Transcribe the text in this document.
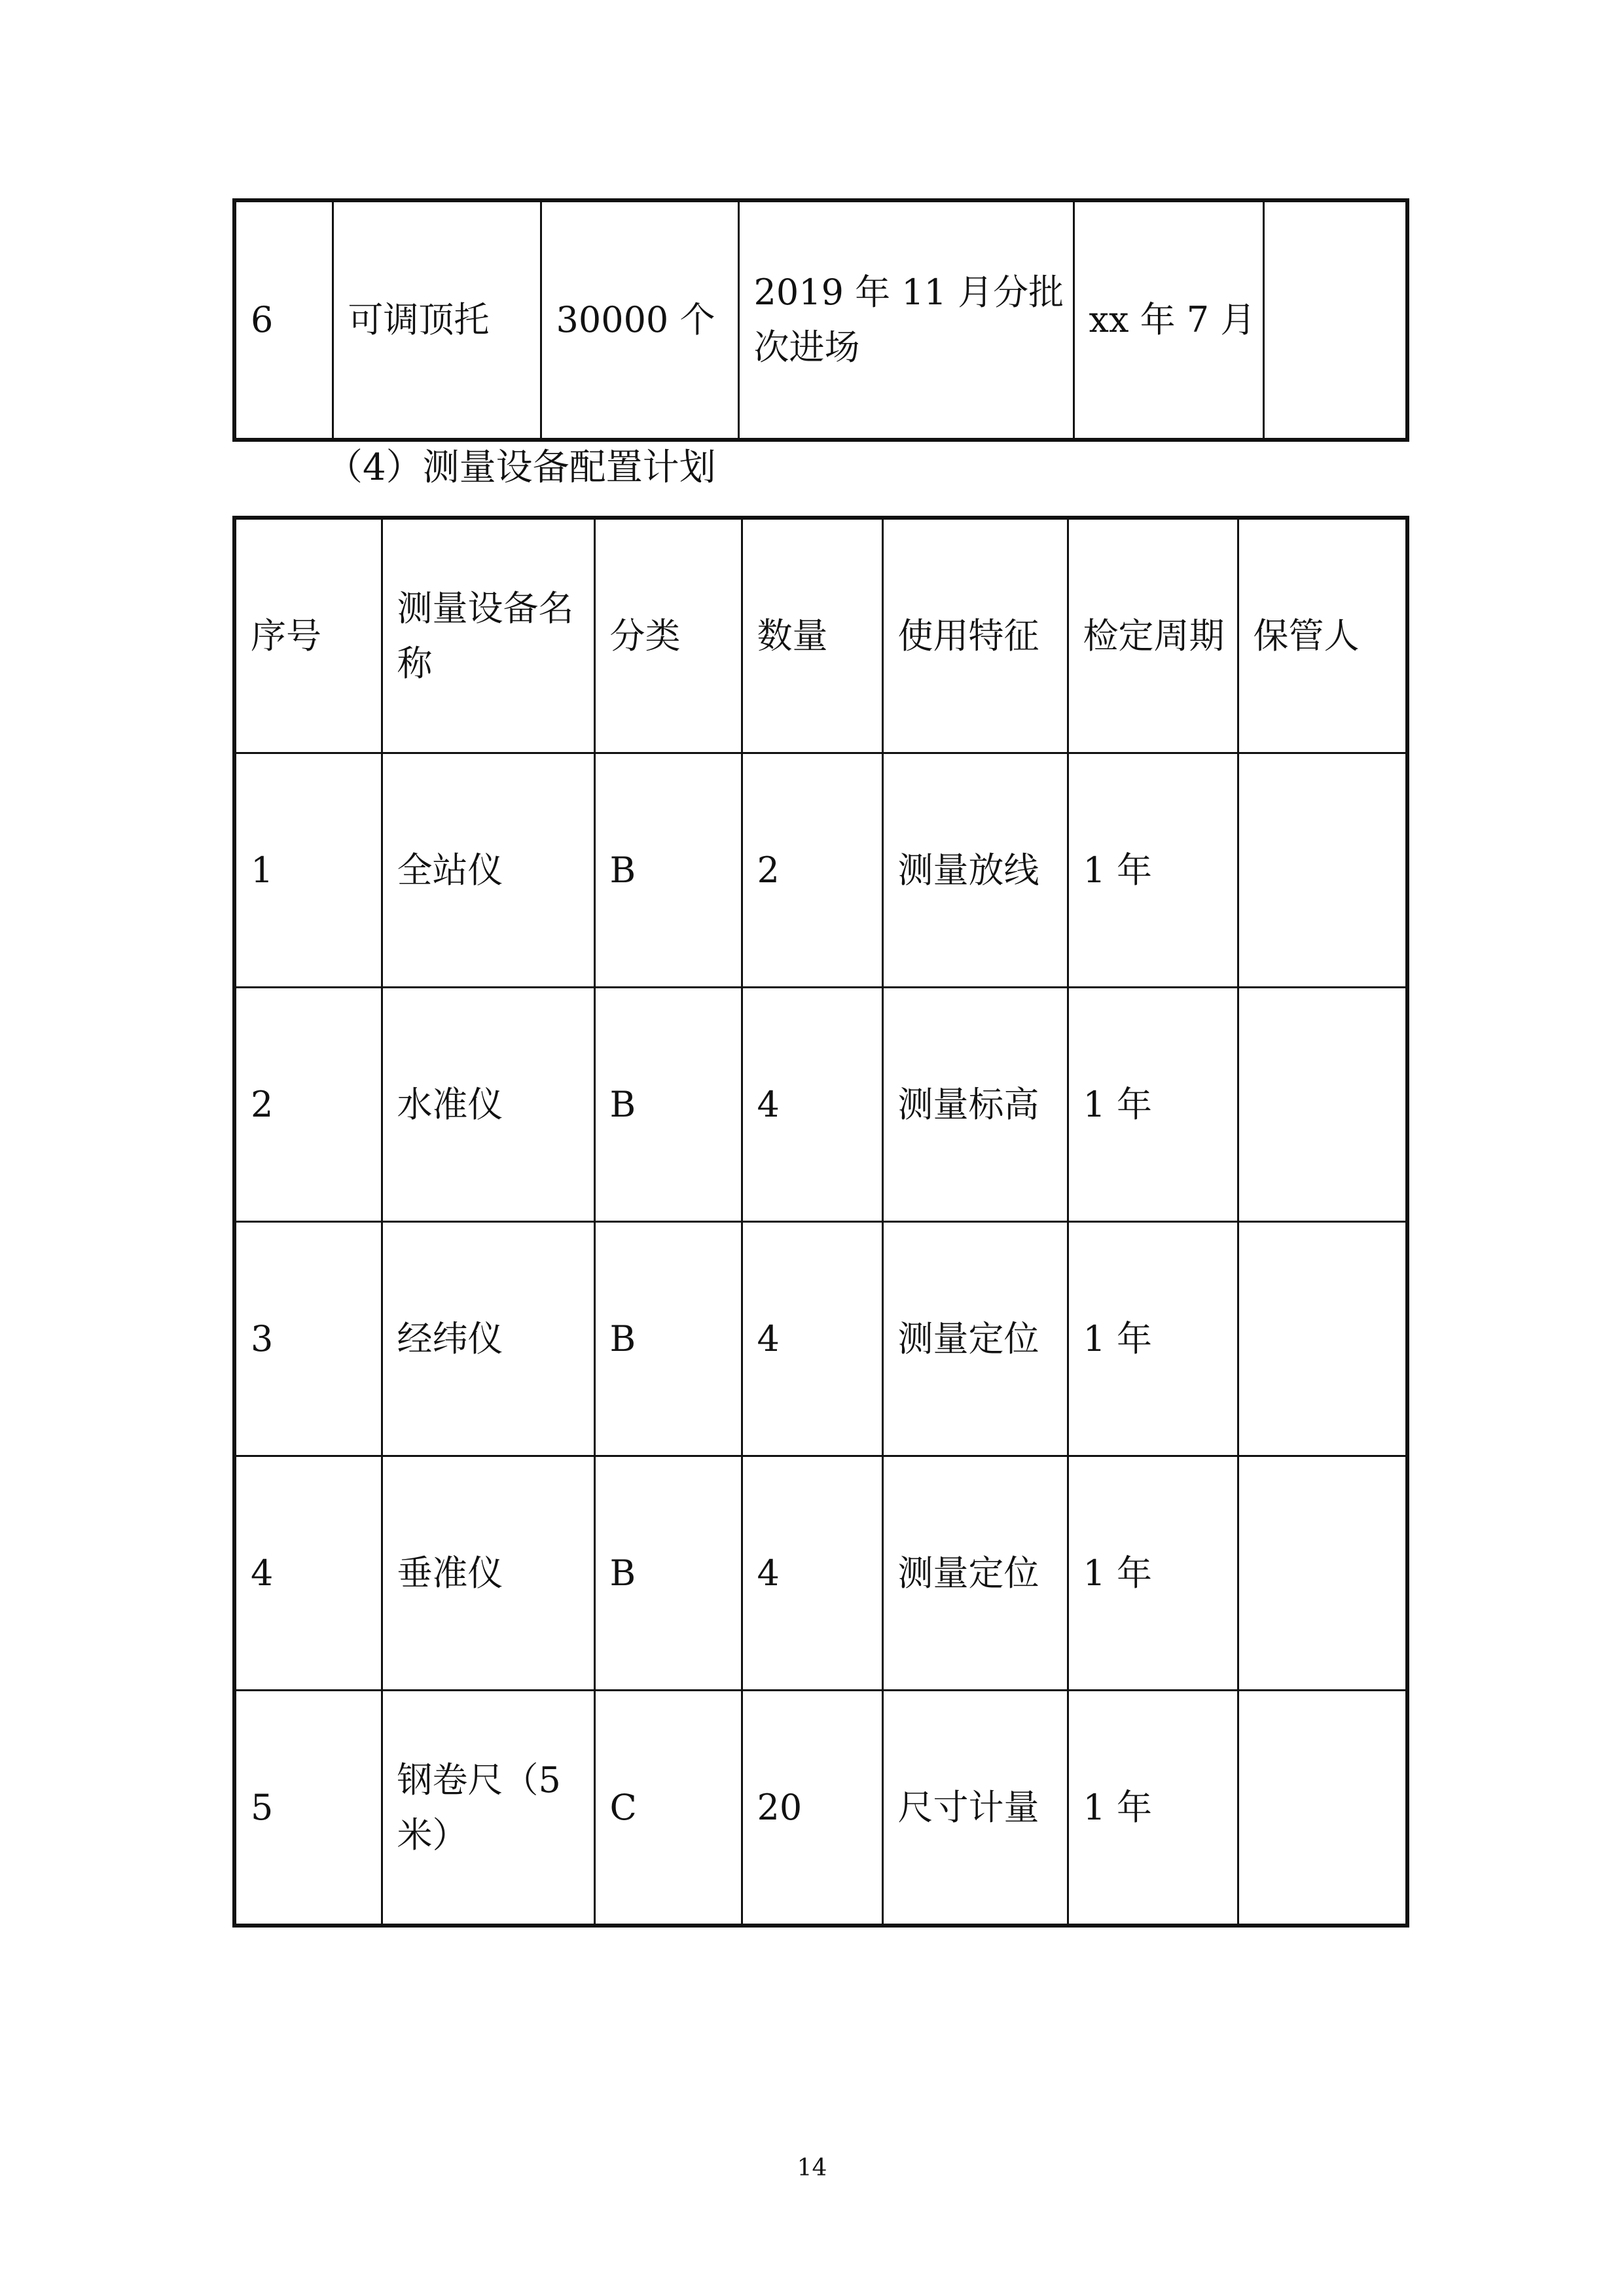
6	可调顶托	30000 个	2019 年 11 月分批次进场	xx 年 7 月	

（4）测量设备配置计划

序号	测量设备名称	分类	数量	使用特征	检定周期	保管人
1	全站仪	B	2	测量放线	1 年	
2	水准仪	B	4	测量标高	1 年	
3	经纬仪	B	4	测量定位	1 年	
4	垂准仪	B	4	测量定位	1 年	
5	钢卷尺（5 米）	C	20	尺寸计量	1 年	
14
